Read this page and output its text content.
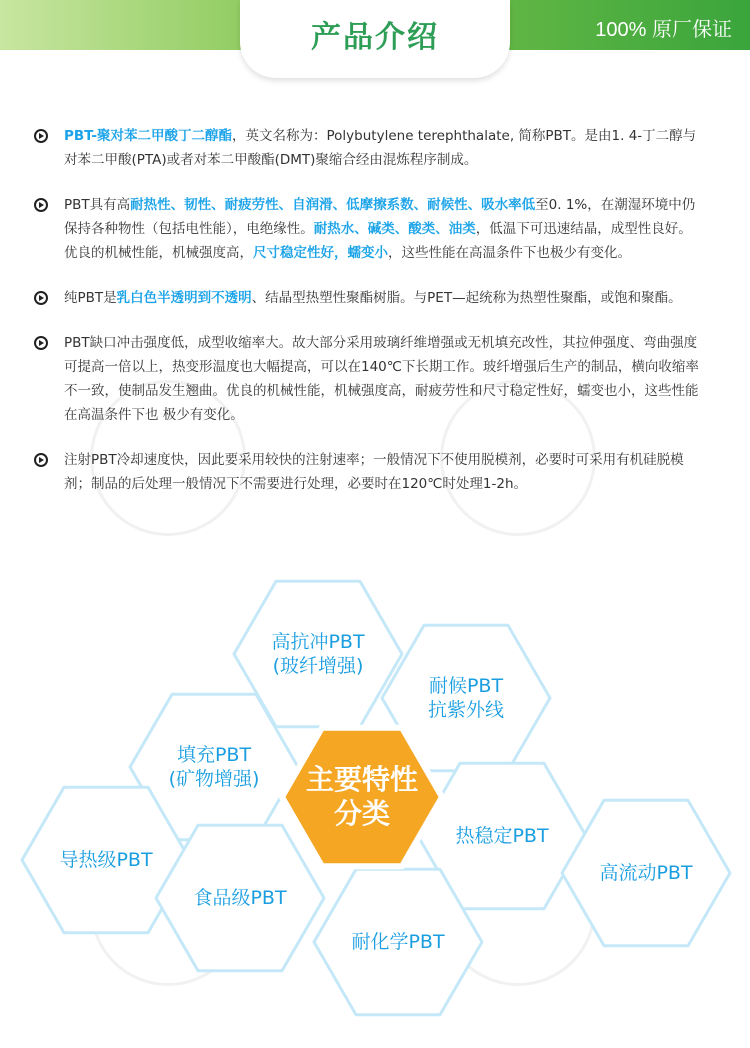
产品介绍	100% 原厂保证
PBT-聚对苯二甲酸丁二醇酯，英文名称为：Polybutylene terephthalate, 简称PBT。是由1. 4-丁二醇与对苯二甲酸(PTA)或者对苯二甲酸酯(DMT)聚缩合经由混炼程序制成。
PBT具有高耐热性、韧性、耐疲劳性、自润滑、低摩擦系数、耐候性、吸水率低至0. 1%，在潮湿环境中仍保持各种物性（包括电性能），电绝缘性。耐热水、碱类、酸类、油类，低温下可迅速结晶，成型性良好。优良的机械性能，机械强度高，尺寸稳定性好，蠕变小，这些性能在高温条件下也极少有变化。
纯PBT是乳白色半透明到不透明、结晶型热塑性聚酯树脂。与PET—起统称为热塑性聚酯，或饱和聚酯。
PBT缺口冲击强度低，成型收缩率大。故大部分采用玻璃纤维增强或无机填充改性，其拉伸强度、弯曲强度可提高一倍以上，热变形温度也大幅提高，可以在140℃下长期工作。玻纤增强后生产的制品，横向收缩率不一致，使制品发生翘曲。优良的机械性能，机械强度高，耐疲劳性和尺寸稳定性好，蠕变也小，这些性能在高温条件下也 极少有变化。
注射PBT冷却速度快，因此要采用较快的注射速率；一般情况下不使用脱模剂，必要时可采用有机硅脱模剂；制品的后处理一般情况下不需要进行处理，必要时在120℃时处理1-2h。
高抗冲PBT
(玻纤增强)
耐候PBT
抗紫外线
填充PBT
(矿物增强)
热稳定PBT
导热级PBT
食品级PBT
高流动PBT
耐化学PBT
主要特性分类
